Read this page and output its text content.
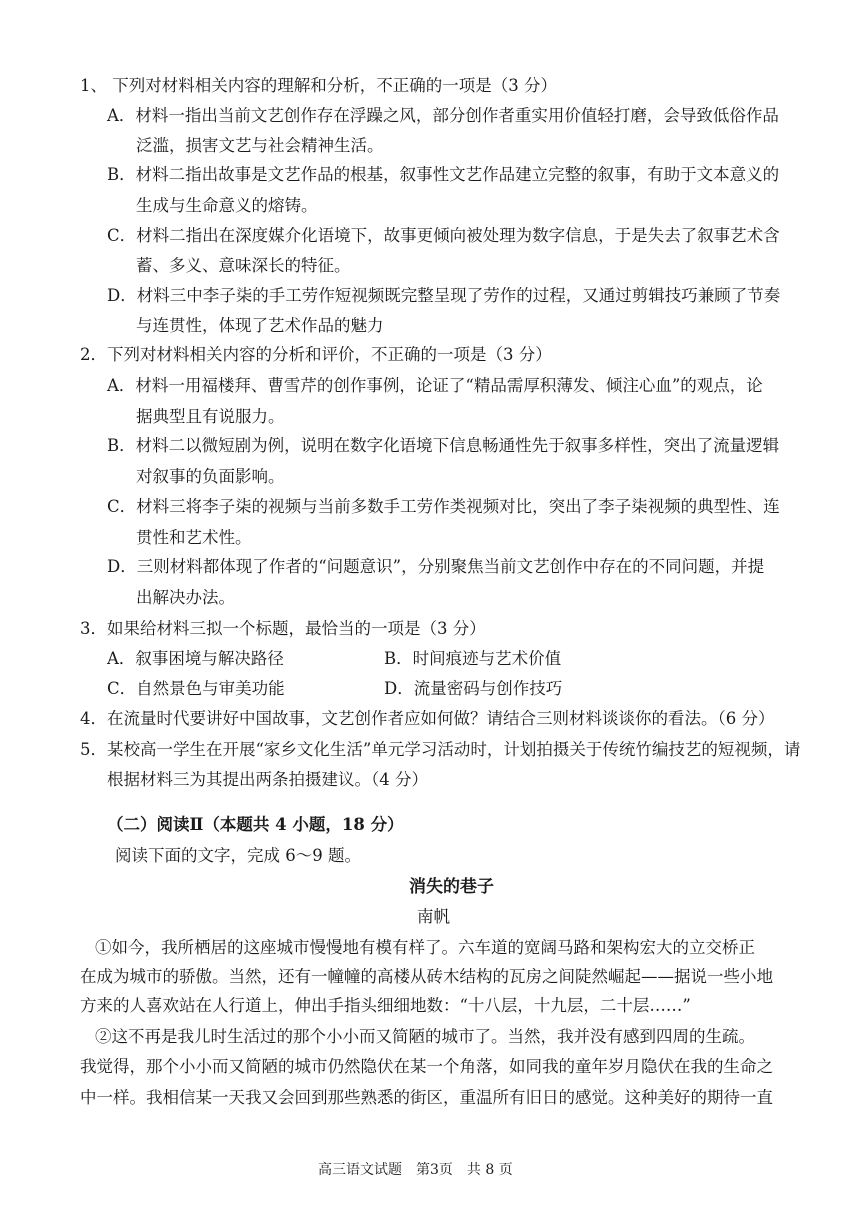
1、 下列对材料相关内容的理解和分析，不正确的一项是（3 分）
A．材料一指出当前文艺创作存在浮躁之风，部分创作者重实用价值轻打磨，会导致低俗作品
泛滥，损害文艺与社会精神生活。
B．材料二指出故事是文艺作品的根基，叙事性文艺作品建立完整的叙事，有助于文本意义的
生成与生命意义的熔铸。
C．材料二指出在深度媒介化语境下，故事更倾向被处理为数字信息，于是失去了叙事艺术含
蓄、多义、意味深长的特征。
D．材料三中李子柒的手工劳作短视频既完整呈现了劳作的过程，又通过剪辑技巧兼顾了节奏
与连贯性，体现了艺术作品的魅力
2．下列对材料相关内容的分析和评价，不正确的一项是（3 分）
A．材料一用福楼拜、曹雪芹的创作事例，论证了“精品需厚积薄发、倾注心血”的观点，论
据典型且有说服力。
B．材料二以微短剧为例，说明在数字化语境下信息畅通性先于叙事多样性，突出了流量逻辑
对叙事的负面影响。
C．材料三将李子柒的视频与当前多数手工劳作类视频对比，突出了李子柒视频的典型性、连
贯性和艺术性。
D．三则材料都体现了作者的“问题意识”，分别聚焦当前文艺创作中存在的不同问题，并提
出解决办法。
3．如果给材料三拟一个标题，最恰当的一项是（3 分）
A．叙事困境与解决路径	B．时间痕迹与艺术价值
C．自然景色与审美功能	D．流量密码与创作技巧
4．在流量时代要讲好中国故事，文艺创作者应如何做？请结合三则材料谈谈你的看法。（6 分）
5．某校高一学生在开展“家乡文化生活”单元学习活动时，计划拍摄关于传统竹编技艺的短视频，请
根据材料三为其提出两条拍摄建议。（4 分）
（二）阅读Ⅱ（本题共 4 小题，18 分）
阅读下面的文字，完成 6～9 题。
消失的巷子
南帆
①如今，我所栖居的这座城市慢慢地有模有样了。六车道的宽阔马路和架构宏大的立交桥正
在成为城市的骄傲。当然，还有一幢幢的高楼从砖木结构的瓦房之间陡然崛起——据说一些小地
方来的人喜欢站在人行道上，伸出手指头细细地数：“十八层，十九层，二十层……”
②这不再是我儿时生活过的那个小小而又简陋的城市了。当然，我并没有感到四周的生疏。
我觉得，那个小小而又简陋的城市仍然隐伏在某一个角落，如同我的童年岁月隐伏在我的生命之
中一样。我相信某一天我又会回到那些熟悉的街区，重温所有旧日的感觉。这种美好的期待一直
高三语文试题　第3页　共 8 页
